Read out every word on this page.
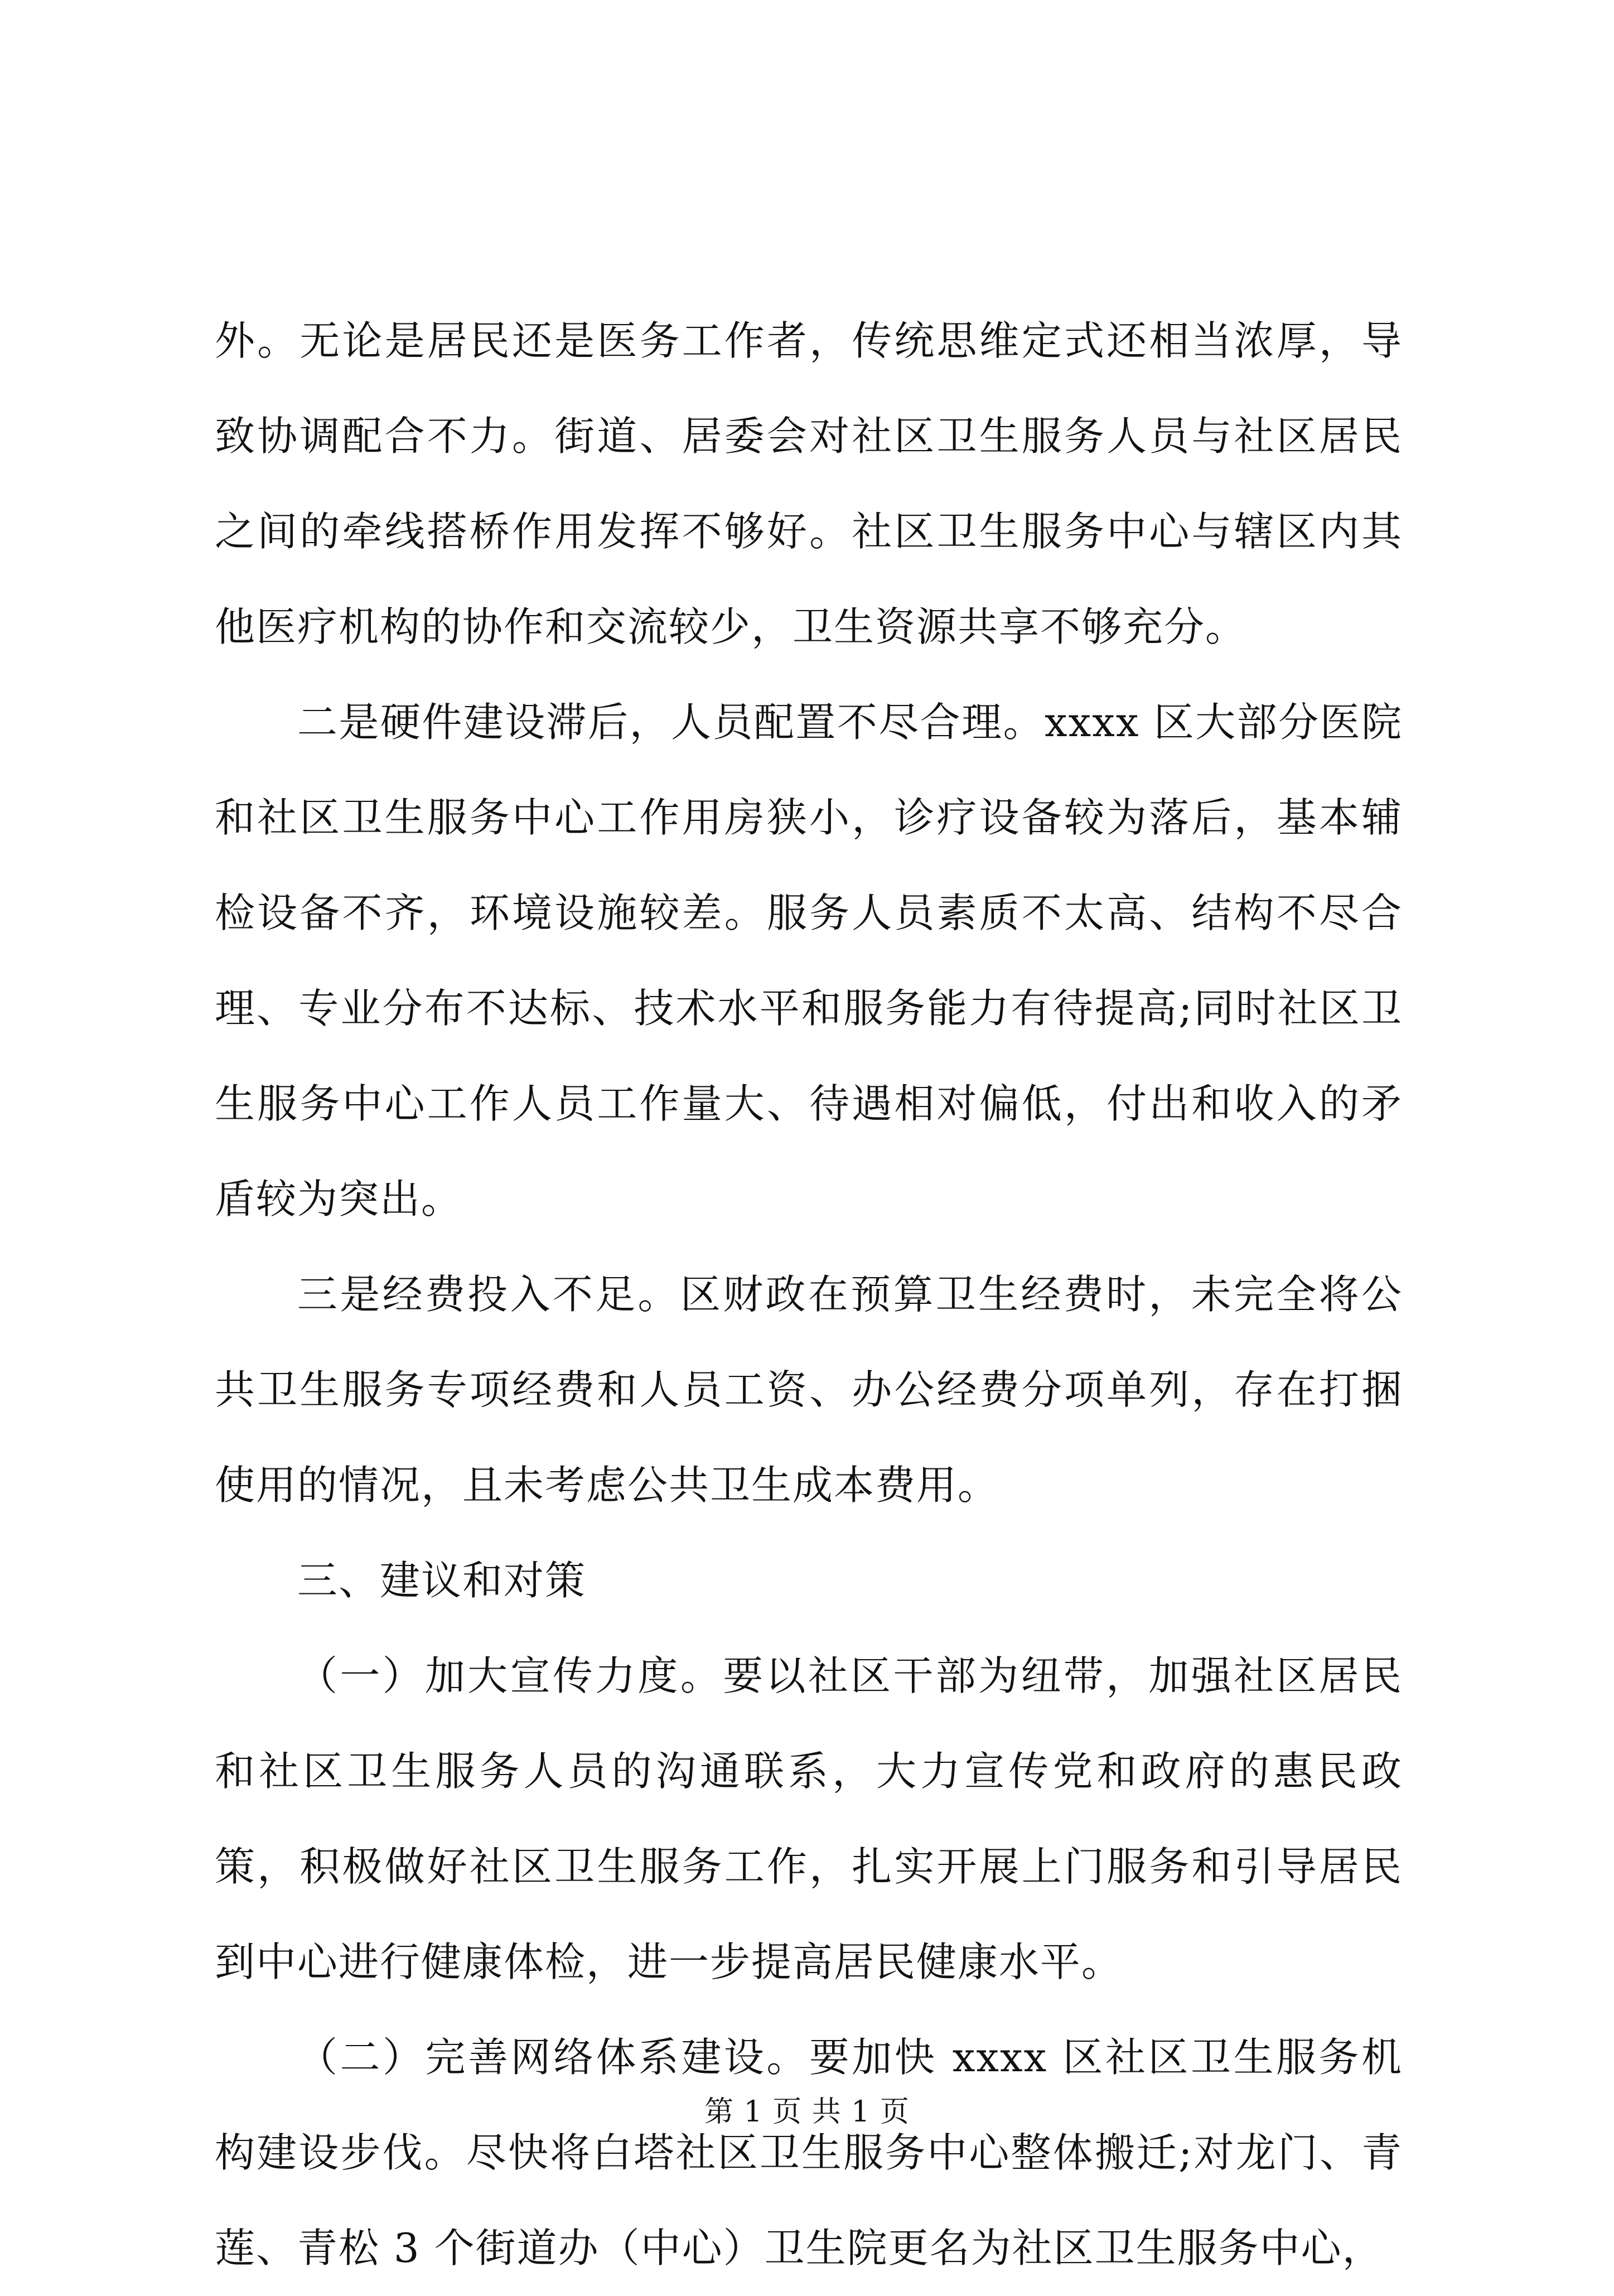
外。无论是居民还是医务工作者，传统思维定式还相当浓厚，导致协调配合不力。街道、居委会对社区卫生服务人员与社区居民之间的牵线搭桥作用发挥不够好。社区卫生服务中心与辖区内其他医疗机构的协作和交流较少，卫生资源共享不够充分。

二是硬件建设滞后，人员配置不尽合理。xxxx 区大部分医院和社区卫生服务中心工作用房狭小，诊疗设备较为落后，基本辅检设备不齐，环境设施较差。服务人员素质不太高、结构不尽合理、专业分布不达标、技术水平和服务能力有待提高;同时社区卫生服务中心工作人员工作量大、待遇相对偏低，付出和收入的矛盾较为突出。

三是经费投入不足。区财政在预算卫生经费时，未完全将公共卫生服务专项经费和人员工资、办公经费分项单列，存在打捆使用的情况，且未考虑公共卫生成本费用。

三、建议和对策

（一）加大宣传力度。要以社区干部为纽带，加强社区居民和社区卫生服务人员的沟通联系，大力宣传党和政府的惠民政策，积极做好社区卫生服务工作，扎实开展上门服务和引导居民到中心进行健康体检，进一步提高居民健康水平。

（二）完善网络体系建设。要加快 xxxx 区社区卫生服务机构建设步伐。尽快将白塔社区卫生服务中心整体搬迁;对龙门、青莲、青松 3 个街道办（中心）卫生院更名为社区卫生服务中心，

第 1 页 共 1 页
